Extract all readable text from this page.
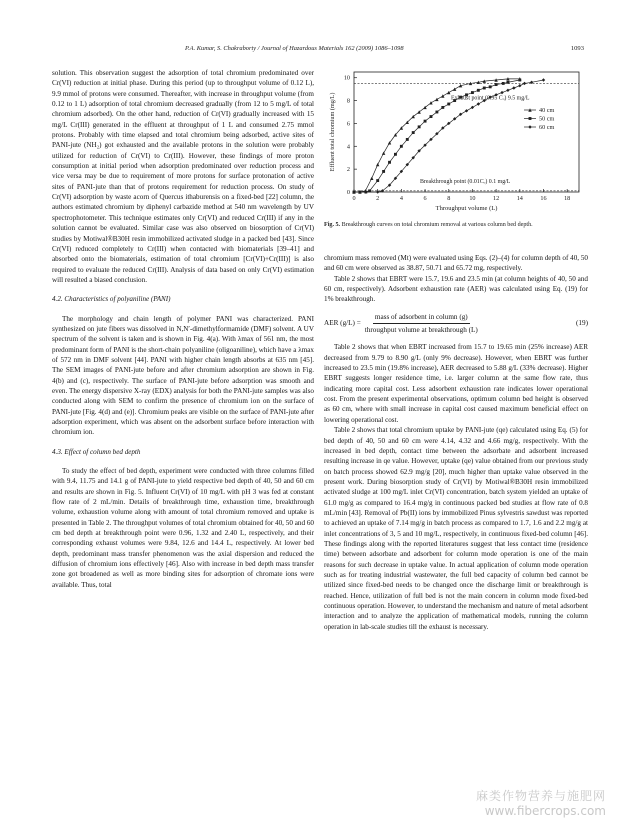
P.A. Kumar, S. Chakraborty / Journal of Hazardous Materials 162 (2009) 1086–1098	1093

solution. This observation suggest the adsorption of total chromium predominated over Cr(VI) reduction at initial phase. During this period (up to throughput volume of 0.12 L), 9.9 mmol of protons were consumed. Thereafter, with increase in throughput volume (from 0.12 to 1 L) adsorption of total chromium decreased gradually (from 12 to 5 mg/L of total chromium adsorbed). On the other hand, reduction of Cr(VI) gradually increased with 15 mg/L Cr(III) generated in the effluent at throughput of 1 L and consumed 2.75 mmol protons. Probably with time elapsed and total chromium being adsorbed, active sites of PANI-jute (NH₂) got exhausted and the available protons in the solution were probably utilized for reduction of Cr(VI) to Cr(III). However, these findings of more proton consumption at initial period when adsorption predominated over reduction process and vice versa may be due to requirement of more protons for surface protonation of active sites of PANI-jute than that of protons requirement for reduction process. On study of Cr(VI) adsorption by waste acorn of Quercus ithaburensis on a fixed-bed [22] column, the authors estimated chromium by diphenyl carbazide method at 540 nm wavelength by UV spectrophotometer. This technique estimates only Cr(VI) and reduced Cr(III) if any in the solution cannot be evaluated. Similar case was also observed on biosorption of Cr(VI) studies by Motiwal®B30H resin immobilized activated sludge in a packed bed [43]. Since Cr(VI) reduced completely to Cr(III) when contacted with biomaterials [39–41] and absorbed onto the biomaterials, estimation of total chromium [Cr(VI)+Cr(III)] is also required to evaluate the reduced Cr(III). Analysis of data based on only Cr(VI) estimation will resulted a biased conclusion.

4.2. Characteristics of polyaniline (PANI)

The morphology and chain length of polymer PANI was characterized. PANI synthesized on jute fibers was dissolved in N,N′-dimethylformamide (DMF) solvent. A UV spectrum of the solvent is taken and is shown in Fig. 4(a). With λmax of 561 nm, the most predominant form of PANI is the short-chain polyaniline (oligoaniline), which have a λmax of 572 nm in DMF solvent [44]. PANI with higher chain length absorbs at 635 nm [45]. The SEM images of PANI-jute before and after chromium adsorption are shown in Fig. 4(b) and (c), respectively. The surface of PANI-jute before adsorption was smooth and even. The energy dispersive X-ray (EDX) analysis for both the PANI-jute samples was also conducted along with SEM to confirm the presence of chromium ion on the surface of PANI-jute [Fig. 4(d) and (e)]. Chromium peaks are visible on the surface of PANI-jute after adsorption experiment, which was absent on the adsorbent surface before interaction with chromium ion.

4.3. Effect of column bed depth

To study the effect of bed depth, experiment were conducted with three columns filled with 9.4, 11.75 and 14.1 g of PANI-jute to yield respective bed depth of 40, 50 and 60 cm and results are shown in Fig. 5. Influent Cr(VI) of 10 mg/L with pH 3 was fed at constant flow rate of 2 mL/min. Details of breakthrough time, exhaustion time, breakthrough volume, exhaustion volume along with amount of total chromium removed and uptake is presented in Table 2. The throughput volumes of total chromium obtained for 40, 50 and 60 cm bed depth at breakthrough point were 0.96, 1.32 and 2.40 L, respectively, and their corresponding exhaust volumes were 9.84, 12.6 and 14.4 L, respectively. At lower bed depth, predominant mass transfer phenomenon was the axial dispersion and reduced the diffusion of chromium ions effectively [46]. Also with increase in bed depth mass transfer zone got broadened as well as more binding sites for adsorption of chromate ions were available. Thus, total

0	2	4	6	8	10	12	14	16	18
0
2
4
6
8
10
40 cm
50 cm
60 cm
Effluent total chromium (mg/L)
Throughput volume (L)
Exhaust point (0.95 Cₒ) 9.5 mg/L
Breakthrough point (0.01Cₒ) 0.1 mg/L
Fig. 5. Breakthrough curves on total chromium removal at various column bed depth.

chromium mass removed (Mt) were evaluated using Eqs. (2)–(4) for column depth of 40, 50 and 60 cm were observed as 38.87, 50.71 and 65.72 mg, respectively.

Table 2 shows that EBRT were 15.7, 19.6 and 23.5 min (at column heights of 40, 50 and 60 cm, respectively). Adsorbent exhaustion rate (AER) was calculated using Eq. (19) for 1% breakthrough.

AER $(g/L) = \frac{\text{mass of adsorbent in column (g)}}{\text{throughput volume at breakthrough (L)}}$	(19)

Table 2 shows that when EBRT increased from 15.7 to 19.65 min (25% increase) AER decreased from 9.79 to 8.90 g/L (only 9% decrease). However, when EBRT was further increased to 23.5 min (19.8% increase), AER decreased to 5.88 g/L (33% decrease). Higher EBRT suggests longer residence time, i.e. larger column at the same flow rate, thus indicating more capital cost. Less adsorbent exhaustion rate indicates lower operational cost. From the present experimental observations, optimum column bed height is observed as 60 cm, where with small increase in capital cost caused maximum beneficial effect on lowering operational cost.

Table 2 shows that total chromium uptake by PANI-jute (qe) calculated using Eq. (5) for bed depth of 40, 50 and 60 cm were 4.14, 4.32 and 4.66 mg/g, respectively. With the increased in bed depth, contact time between the adsorbate and adsorbent increased resulting increase in qe value. However, uptake (qe) value obtained from our previous study on batch process showed 62.9 mg/g [20], much higher than uptake value observed in the present work. During biosorption study of Cr(VI) by Motiwal®B30H resin immobilized activated sludge at 100 mg/L inlet Cr(VI) concentration, batch system yielded an uptake of 61.0 mg/g as compared to 16.4 mg/g in continuous packed bed studies at flow rate of 0.8 mL/min [43]. Removal of Pb(II) ions by immobilized Pinus sylvestris sawdust was reported to achieved an uptake of 7.14 mg/g in batch process as compared to 1.7, 1.6 and 2.2 mg/g at inlet concentrations of 3, 5 and 10 mg/L, respectively, in continuous fixed-bed column [46]. These findings along with the reported literatures suggest that less contact time (residence time) between adsorbate and adsorbent for column mode operation is one of the main reasons for such decrease in uptake value. In actual application of column mode operation such as for treating industrial wastewater, the full bed capacity of column bed cannot be utilized since fixed-bed needs to be changed once the discharge limit or breakthrough is reached. Hence, utilization of full bed is not the main concern in column mode fixed-bed continuous operation. However, to understand the mechanism and nature of metal adsorbent interaction and to analyze the application of mathematical models, running the column operation in lab-scale studies till the exhaust is necessary.

麻类作物营养与施肥网
www.fibercrops.com
